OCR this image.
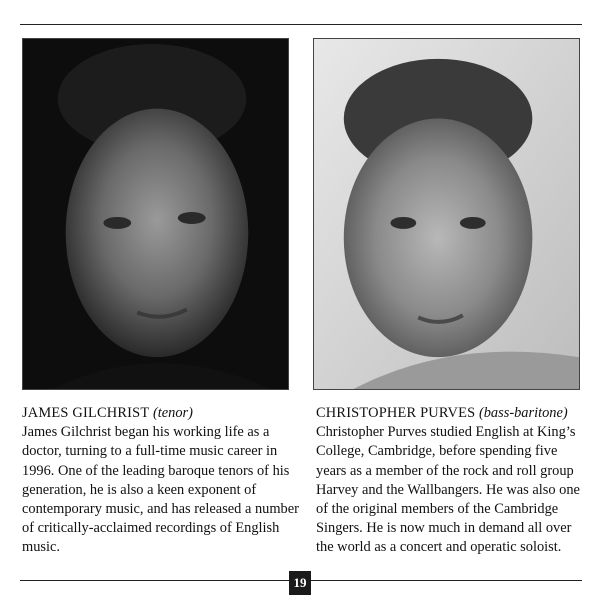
JAMES GILCHRIST (tenor)
James Gilchrist began his working life as a doctor, turning to a full-time music career in 1996. One of the leading baroque tenors of his generation, he is also a keen exponent of contemporary music, and has released a number of critically-acclaimed recordings of English music.
CHRISTOPHER PURVES (bass-baritone)
Christopher Purves studied English at King’s College, Cambridge, before spending five years as a member of the rock and roll group Harvey and the Wallbangers. He was also one of the original members of the Cambridge Singers. He is now much in demand all over the world as a concert and operatic soloist.
19
